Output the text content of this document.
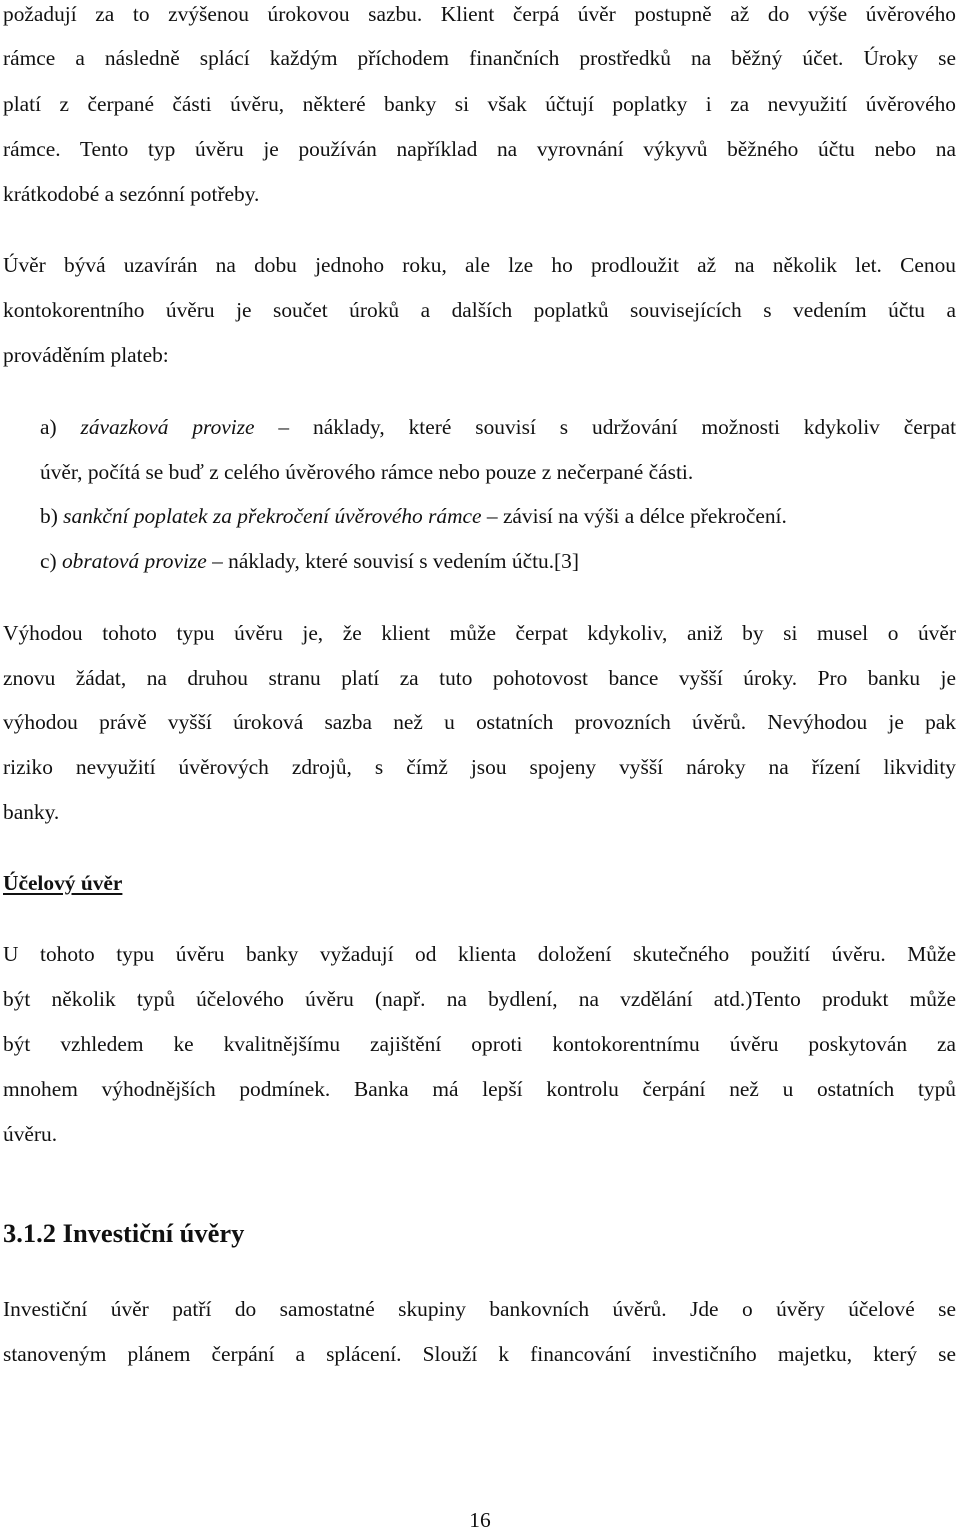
požadují za to zvýšenou úrokovou sazbu. Klient čerpá úvěr postupně až do výše úvěrového
rámce a následně splácí každým příchodem finančních prostředků na běžný účet. Úroky se
platí z čerpané části úvěru, některé banky si však účtují poplatky i za nevyužití úvěrového
rámce. Tento typ úvěru je používán například na vyrovnání výkyvů běžného účtu nebo na
krátkodobé a sezónní potřeby.
Úvěr bývá uzavírán na dobu jednoho roku, ale lze ho prodloužit až na několik let. Cenou
kontokorentního úvěru je součet úroků a dalších poplatků souvisejících s vedením účtu a
prováděním plateb:
a) závazková provize – náklady, které souvisí s udržování možnosti kdykoliv čerpat
úvěr, počítá se buď z celého úvěrového rámce nebo pouze z nečerpané části.
b) sankční poplatek za překročení úvěrového rámce – závisí na výši a délce překročení.
c) obratová provize – náklady, které souvisí s vedením účtu.[3]
Výhodou tohoto typu úvěru je, že klient může čerpat kdykoliv, aniž by si musel o úvěr
znovu žádat, na druhou stranu platí za tuto pohotovost bance vyšší úroky. Pro banku je
výhodou právě vyšší úroková sazba než u ostatních provozních úvěrů. Nevýhodou je pak
riziko nevyužití úvěrových zdrojů, s čímž jsou spojeny vyšší nároky na řízení likvidity
banky.
Účelový úvěr
U tohoto typu úvěru banky vyžadují od klienta doložení skutečného použití úvěru. Může
být několik typů účelového úvěru (např. na bydlení, na vzdělání atd.)Tento produkt může
být vzhledem ke kvalitnějšímu zajištění oproti kontokorentnímu úvěru poskytován za
mnohem výhodnějších podmínek. Banka má lepší kontrolu čerpání než u ostatních typů
úvěru.
3.1.2 Investiční úvěry
Investiční úvěr patří do samostatné skupiny bankovních úvěrů. Jde o úvěry účelové se
stanoveným plánem čerpání a splácení. Slouží k financování investičního majetku, který se
16
